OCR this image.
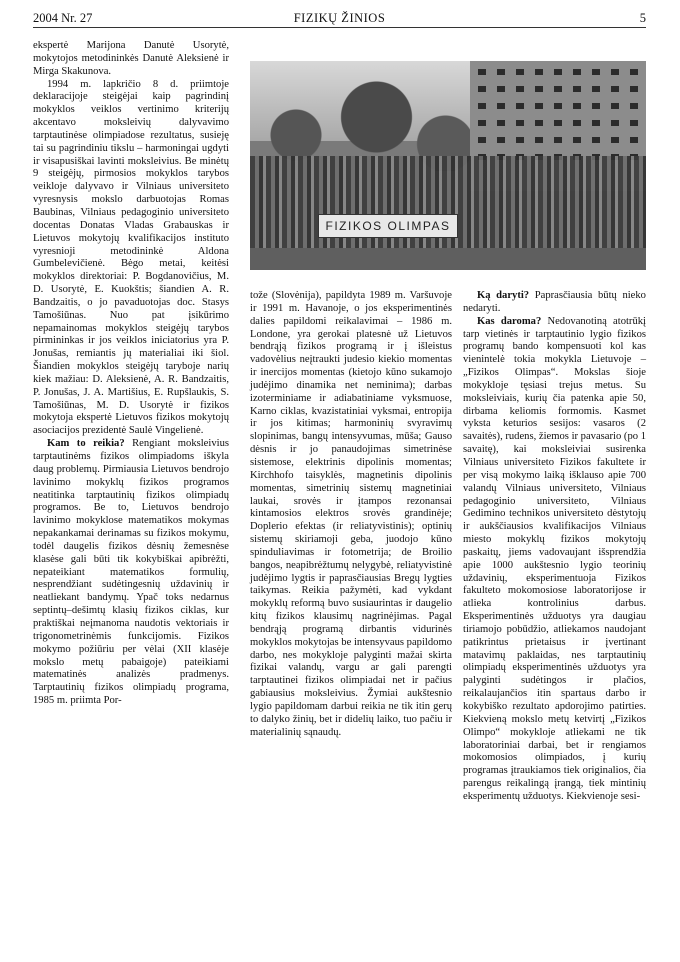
2004 Nr. 27	FIZIKŲ ŽINIOS	5
FIZIKOS OLIMPAS

ekspertė Marijona Danutė Usorytė, mokytojos metodininkės Danutė Aleksienė ir Mirga Skakunova.

1994 m. lapkričio 8 d. priimtoje deklaracijoje steigėjai kaip pagrindinį mokyklos veiklos vertinimo kriterijų akcentavo moksleivių dalyvavimo tarptautinėse olimpiadose rezultatus, susieję tai su pagrindiniu tikslu – harmoningai ugdyti ir visapusiškai lavinti moksleivius. Be minėtų 9 steigėjų, pirmosios mokyklos tarybos veikloje dalyvavo ir Vilniaus universiteto vyresnysis mokslo darbuotojas Romas Baubinas, Vilniaus pedagoginio universiteto docentas Donatas Vladas Grabauskas ir Lietuvos mokytojų kvalifikacijos instituto vyresnioji metodininkė Aldona Gumbelevičienė. Bėgo metai, keitėsi mokyklos direktoriai: P. Bogdanovičius, M. D. Usorytė, E. Kuokštis; šiandien A. R. Bandzaitis, o jo pavaduotojas doc. Stasys Tamošiūnas. Nuo pat įsikūrimo nepamainomas mokyklos steigėjų tarybos pirmininkas ir jos veiklos iniciatorius yra P. Jonušas, remiantis jų materialiai iki šiol. Šiandien mokyklos steigėjų taryboje narių kiek mažiau: D. Aleksienė, A. R. Bandzaitis, P. Jonušas, J. A. Martišius, E. Rupšlaukis, S. Tamošiūnas, M. D. Usorytė ir fizikos mokytoja ekspertė Lietuvos fizikos mokytojų asociacijos prezidentė Saulė Vingelienė.

Kam to reikia? Rengiant moksleivius tarptautinėms fizikos olimpiadoms iškyla daug problemų. Pirmiausia Lietuvos bendrojo lavinimo mokyklų fizikos programos neatitinka tarptautinių fizikos olimpiadų programos. Be to, Lietuvos bendrojo lavinimo mokyklose matematikos mokymas nepakankamai derinamas su fizikos mokymu, todėl daugelis fizikos dėsnių žemesnėse klasėse gali būti tik kokybiškai apibrėžti, nepateikiant matematikos formulių, nesprendžiant sudėtingesnių uždavinių ir neatliekant bandymų. Ypač toks nedarnus septintų–dešimtų klasių fizikos ciklas, kur praktiškai neįmanoma naudotis vektoriais ir trigonometrinėmis funkcijomis. Fizikos mokymo požiūriu per vėlai (XII klasėje mokslo metų pabaigoje) pateikiami matematinės analizės pradmenys. Tarptautinių fizikos olimpiadų programa, 1985 m. priimta Por-

tože (Slovėnija), papildyta 1989 m. Varšuvoje ir 1991 m. Havanoje, o jos eksperimentinės dalies papildomi reikalavimai – 1986 m. Londone, yra gerokai platesnė už Lietuvos bendrąją fizikos programą ir į išleistus vadovėlius neįtraukti judesio kiekio momentas ir inercijos momentas (kietojo kūno sukamojo judėjimo dinamika net neminima); darbas izoterminiame ir adiabatiniame vyksmuose, Karno ciklas, kvazistatiniai vyksmai, entropija ir jos kitimas; harmoninių svyravimų slopinimas, bangų intensyvumas, mūša; Gauso dėsnis ir jo panaudojimas simetrinėse sistemose, elektrinis dipolinis momentas; Kirchhofo taisyklės, magnetinis dipolinis momentas, simetrinių sistemų magnetiniai laukai, srovės ir įtampos rezonansai kintamosios elektros srovės grandinėje; Doplerio efektas (ir reliatyvistinis); optinių sistemų skiriamoji geba, juodojo kūno spinduliavimas ir fotometrija; de Broilio bangos, neapibrėžtumų nelygybė, reliatyvistinė judėjimo lygtis ir paprasčiausias Bregų lygties taikymas. Reikia pažymėti, kad vykdant mokyklų reformą buvo susiaurintas ir daugelio kitų fizikos klausimų nagrinėjimas. Pagal bendrąją programą dirbantis vidurinės mokyklos mokytojas be intensyvaus papildomo darbo, nes mokykloje palyginti mažai skirta fizikai valandų, vargu ar gali parengti tarptautinei fizikos olimpiadai net ir pačius gabiausius moksleivius. Žymiai aukštesnio lygio papildomam darbui reikia ne tik itin gerų to dalyko žinių, bet ir didelių laiko, tuo pačiu ir materialinių sąnaudų.

Ką daryti? Paprasčiausia būtų nieko nedaryti.

Kas daroma? Nedovanotiną atotrūkį tarp vietinės ir tarptautinio lygio fizikos programų bando kompensuoti kol kas vienintelė tokia mokykla Lietuvoje – „Fizikos Olimpas“. Mokslas šioje mokykloje tęsiasi trejus metus. Su moksleiviais, kurių čia patenka apie 50, dirbama keliomis formomis. Kasmet vyksta keturios sesijos: vasaros (2 savaitės), rudens, žiemos ir pavasario (po 1 savaitę), kai moksleiviai susirenka Vilniaus universiteto Fizikos fakultete ir per visą mokymo laiką išklauso apie 700 valandų Vilniaus universiteto, Vilniaus pedagoginio universiteto, Vilniaus Gedimino technikos universiteto dėstytojų ir aukščiausios kvalifikacijos Vilniaus miesto mokyklų fizikos mokytojų paskaitų, jiems vadovaujant išsprendžia apie 1000 aukštesnio lygio teorinių uždavinių, eksperimentuoja Fizikos fakulteto mokomosiose laboratorijose ir atlieka kontrolinius darbus. Eksperimentinės užduotys yra daugiau tiriamojo pobūdžio, atliekamos naudojant patikrintus prietaisus ir įvertinant matavimų paklaidas, nes tarptautinių olimpiadų eksperimentinės užduotys yra palyginti sudėtingos ir plačios, reikalaujančios itin spartaus darbo ir kokybiško rezultato apdorojimo patirties. Kiekvieną mokslo metų ketvirtį „Fizikos Olimpo“ mokykloje atliekami ne tik laboratoriniai darbai, bet ir rengiamos mokomosios olimpiados, į kurių programas įtraukiamos tiek originalios, čia parengus reikalingą įrangą, tiek mintinių eksperimentų užduotys. Kiekvienoje sesi-
